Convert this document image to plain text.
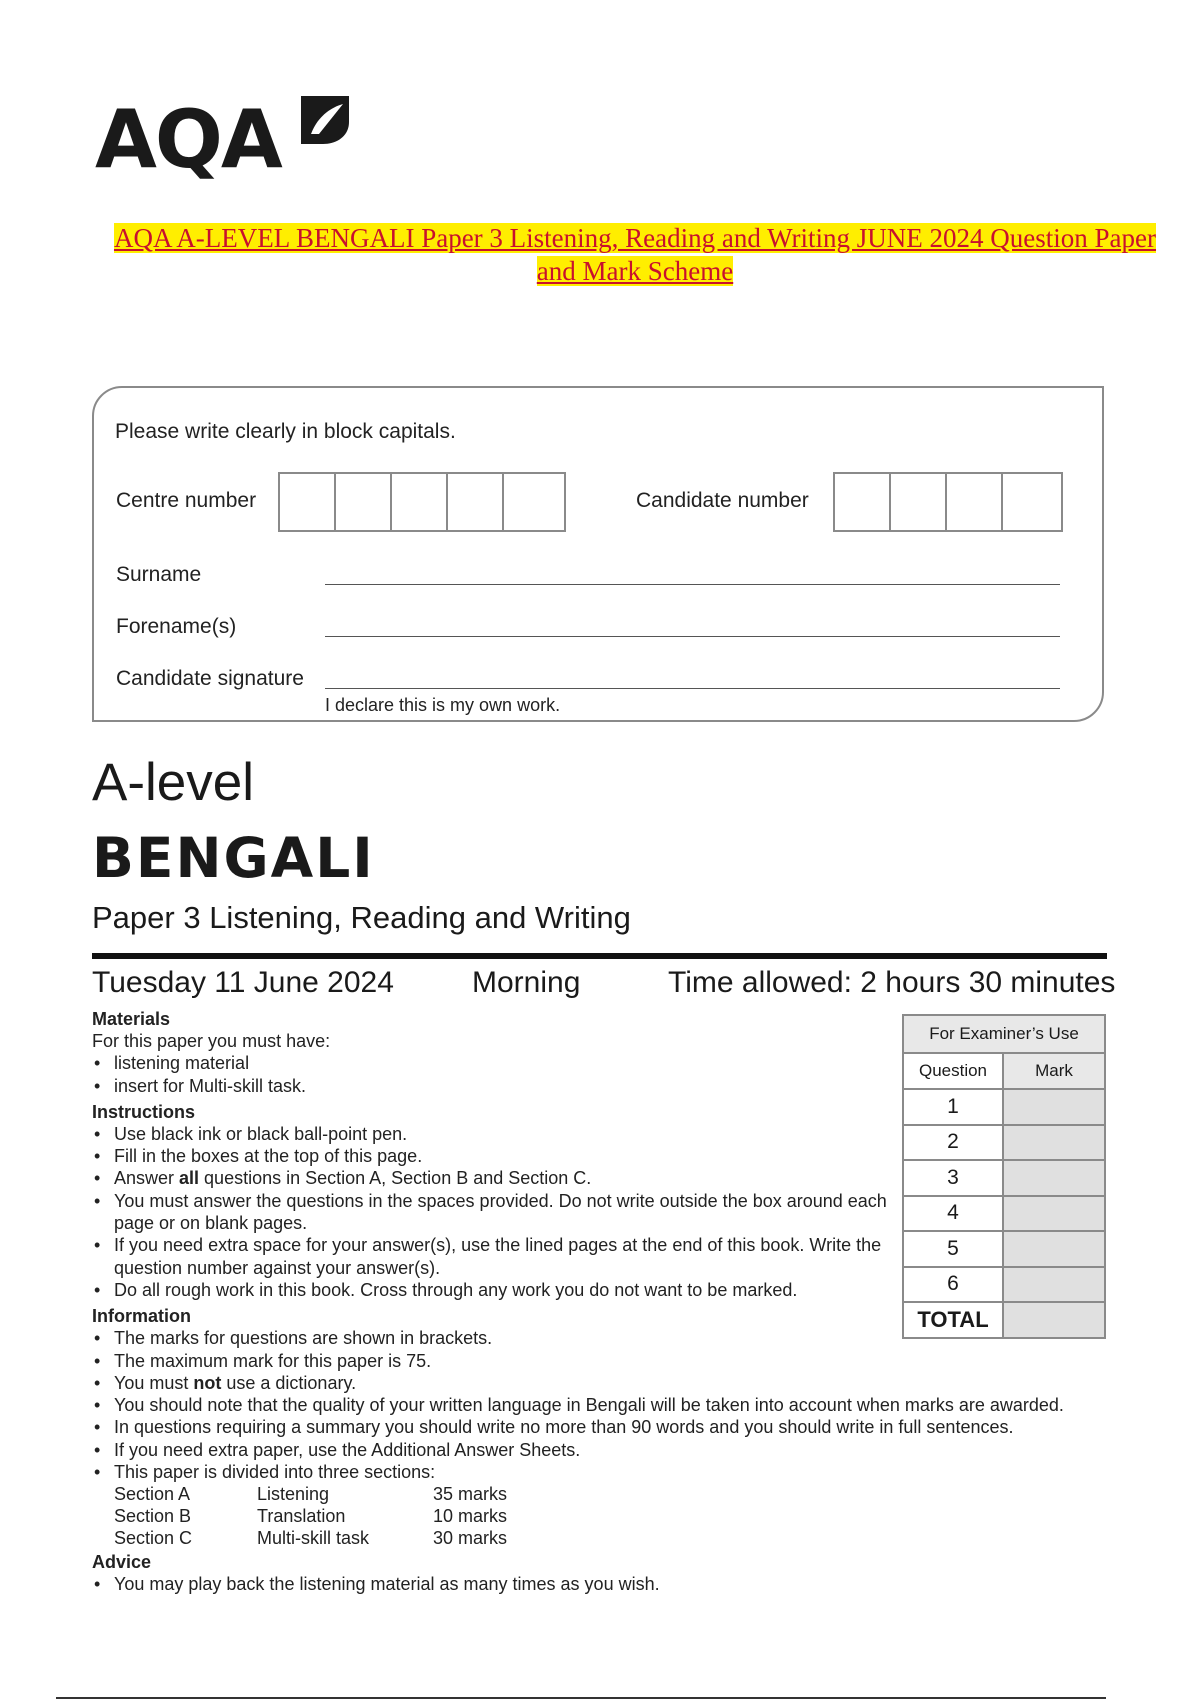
AQA
AQA A-LEVEL BENGALI Paper 3 Listening, Reading and Writing JUNE 2024 Question Paper and Mark Scheme
Please write clearly in block capitals.
Centre number	Candidate number
Surname
Forename(s)
Candidate signature
I declare this is my own work.
A-level
BENGALI
Paper 3 Listening, Reading and Writing
Tuesday 11 June 2024	Morning	Time allowed: 2 hours 30 minutes
Materials
For this paper you must have:
• listening material
• insert for Multi-skill task.
Instructions
• Use black ink or black ball-point pen.
• Fill in the boxes at the top of this page.
• Answer all questions in Section A, Section B and Section C.
• You must answer the questions in the spaces provided. Do not write outside the box around each page or on blank pages.
• If you need extra space for your answer(s), use the lined pages at the end of this book. Write the question number against your answer(s).
• Do all rough work in this book. Cross through any work you do not want to be marked.
Information
• The marks for questions are shown in brackets.
• The maximum mark for this paper is 75.
• You must not use a dictionary.
• You should note that the quality of your written language in Bengali will be taken into account when marks are awarded.
• In questions requiring a summary you should write no more than 90 words and you should write in full sentences.
• If you need extra paper, use the Additional Answer Sheets.
• This paper is divided into three sections:
Section A	Listening	35 marks
Section B	Translation	10 marks
Section C	Multi-skill task	30 marks
Advice
• You may play back the listening material as many times as you wish.
For Examiner’s Use	
Question	Mark
1	
2	
3	
4	
5	
6	
TOTAL	
